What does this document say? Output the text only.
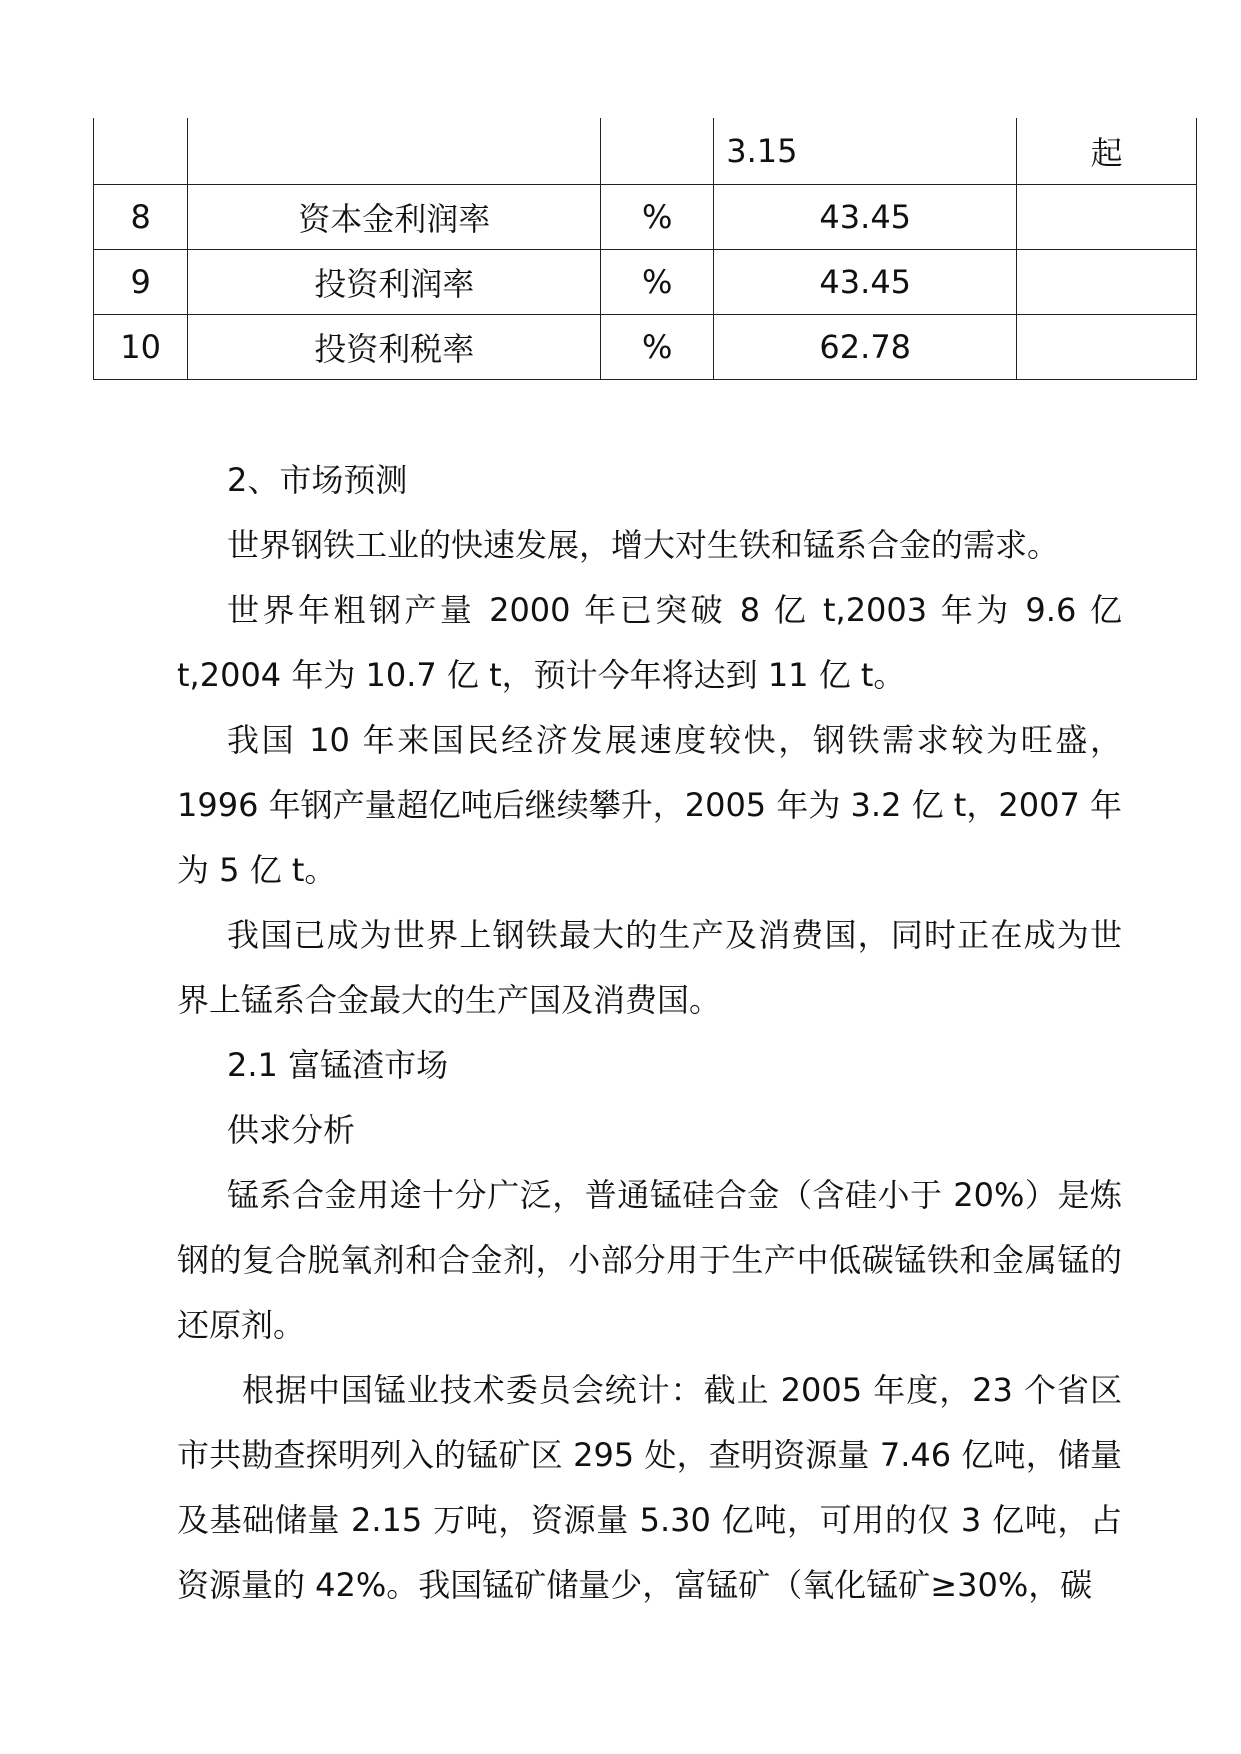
			3.15	起
8	资本金利润率	%	43.45	
9	投资利润率	%	43.45	
10	投资利税率	%	62.78	

2、市场预测

世界钢铁工业的快速发展，增大对生铁和锰系合金的需求。

世界年粗钢产量 2000 年已突破 8 亿 t,2003 年为 9.6 亿 t,2004 年为 10.7 亿 t，预计今年将达到 11 亿 t。

我国 10 年来国民经济发展速度较快，钢铁需求较为旺盛，1996 年钢产量超亿吨后继续攀升，2005 年为 3.2 亿 t，2007 年为 5 亿 t。

我国已成为世界上钢铁最大的生产及消费国，同时正在成为世界上锰系合金最大的生产国及消费国。

2.1 富锰渣市场

供求分析

锰系合金用途十分广泛，普通锰硅合金（含硅小于 20%）是炼钢的复合脱氧剂和合金剂，小部分用于生产中低碳锰铁和金属锰的还原剂。

根据中国锰业技术委员会统计：截止 2005 年度，23 个省区市共勘查探明列入的锰矿区 295 处，查明资源量 7.46 亿吨，储量及基础储量 2.15 万吨，资源量 5.30 亿吨，可用的仅 3 亿吨，占资源量的 42%。我国锰矿储量少，富锰矿（氧化锰矿≥30%，碳
